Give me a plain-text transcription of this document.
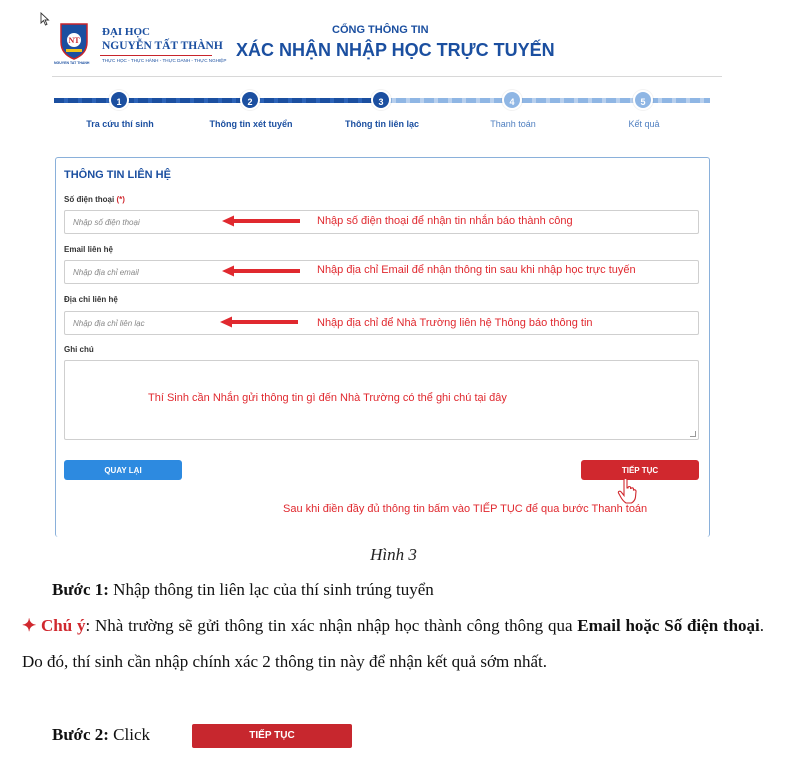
NT
NGUYEN TAT THANH
ĐẠI HỌC
NGUYỄN TẤT THÀNH
THỰC HỌC - THỰC HÀNH - THỰC DANH - THỰC NGHIỆP
CỔNG THÔNG TIN
XÁC NHẬN NHẬP HỌC TRỰC TUYẾN
1	2	3	4	5
Tra cứu thí sinh	Thông tin xét tuyển	Thông tin liên lạc	Thanh toán	Kết quả
THÔNG TIN LIÊN HỆ
Số điện thoại (*)
Nhập số điện thoại
Email liên hệ
Nhập địa chỉ email
Địa chỉ liên hệ
Nhập địa chỉ liên lạc
Ghi chú
Nhập số điện thoại để nhận tin nhắn báo thành công
Nhập địa chỉ Email để nhận thông tin sau khi nhập học trực tuyến
Nhập địa chỉ để Nhà Trường liên hệ Thông báo thông tin
Thí Sinh cần Nhắn gửi thông tin gì đến Nhà Trường có thể ghi chú tại đây
QUAY LẠI	TIẾP TỤC
Sau khi điền đầy đủ thông tin bấm vào TIẾP TỤC để qua bước Thanh toán
Hình 3
Bước 1: Nhập thông tin liên lạc của thí sinh trúng tuyển
✦ Chú ý: Nhà trường sẽ gửi thông tin xác nhận nhập học thành công thông qua Email hoặc Số điện thoại. Do đó, thí sinh cần nhập chính xác 2 thông tin này để nhận kết quả sớm nhất.
Bước 2: Click	TIẾP TỤC
